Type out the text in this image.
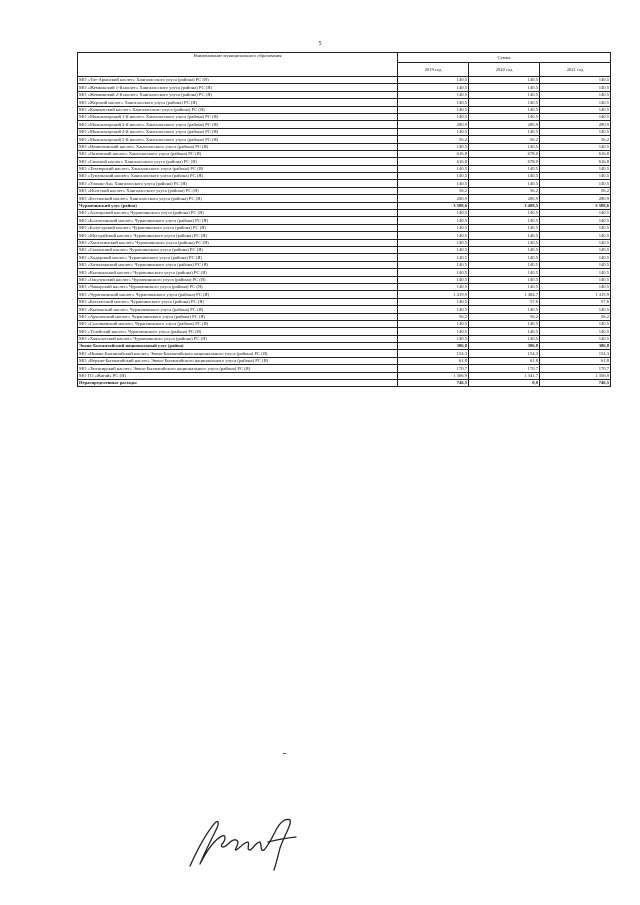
5
Наименование муниципального образования	Сумма		
	2019 год	2020 год	2021 год
МО «Тит-Арынский наслег» Хангаласского улуса (района) РС (Я)	140,5	140,5	140,5
МО «Жемконский 1-й наслег» Хангаласского улуса (района) РС (Я)	140,5	140,5	140,5
МО «Жемконский 2-й наслег» Хангаласского улуса (района) РС (Я)	140,5	140,5	140,5
МО «Жерский наслег» Хангаласского улуса (района) РС (Я)	140,5	140,5	140,5
МО «Качикатский наслег» Хангаласского улуса (района) РС (Я)	140,5	140,5	140,5
МО «Мальжагарский 1-й наслег» Хангаласского улуса (района) РС (Я)	140,5	140,5	140,5
МО «Мальжагарский 2-й наслег» Хангаласского улуса (района) РС (Я)	280,9	280,9	280,9
МО «Мальжагарский 4-й наслег» Хангаласского улуса (района) РС (Я)	140,5	140,5	140,5
МО «Мальжагарский 5-й наслег» Хангаласского улуса (района) РС (Я)	56,2	56,2	56,2
МО «Немюгюнский наслег» Хангаласского улуса (района) РС (Я)	140,5	140,5	140,5
МО «Октемский наслег» Хангаласского улуса (района) РС (Я)	616,8	678,0	616,8
МО «Синский наслег» Хангаласского улуса (района) РС (Я)	616,8	678,0	616,8
МО «Техтюрский наслег» Хангаласского улуса (района) РС (Я)	140,5	140,5	140,5
МО «Тумульский наслег» Хангаласского улуса (района) РС (Я)	140,5	140,5	140,5
МО «Улахан-Ан» Хангаласского улуса (района) РС (Я)	140,5	140,5	140,5
МО «Иситский наслег» Хангаласского улуса (района) РС (Я)	56,2	56,2	56,2
МО «Бестяхский наслег» Хангаласского улуса (района) РС (Я)	280,9	280,9	280,9
Чурапчинский улус (район)	3 588,6	3 488,5	3 588,6
МО «Алагарский наслег» Чурапчинского улуса (района) РС (Я)	140,5	140,5	140,5
МО «Болтогинский наслег» Чурапчинского улуса (района) РС (Я)	140,5	140,5	140,5
МО «Болугурский наслег» Чурапчинского улуса (района) РС (Я)	140,5	140,5	140,5
МО «Мугудайский наслег» Чурапчинского улуса (района) РС (Я)	140,5	140,5	140,5
МО «Хоптогинский наслег» Чурапчинского улуса (района) РС (Я)	140,5	140,5	140,5
МО «Сыланский наслег» Чурапчинского улуса (района) РС (Я)	140,5	140,5	140,5
МО «Хадарский наслег» Чурапчинского улуса (района) РС (Я)	140,5	140,5	140,5
МО «Хатылынский наслег» Чурапчинского улуса (района) РС (Я)	140,5	140,5	140,5
МО «Кытанахский наслег» Чурапчинского улуса (района) РС (Я)	140,5	140,5	140,5
МО «Ожулунский наслег» Чурапчинского улуса (района) РС (Я)	140,5	140,5	140,5
МО «Чакырский наслег» Чурапчинского улуса (района) РС (Я)	140,5	140,5	140,5
МО «Чурапчинский наслег» Чурапчинского улуса (района) РС (Я)	1 419,9	1 484,7	1 419,9
МО «Бахсытский наслег» Чурапчинского улуса (района) РС (Я)	140,5	57,6	57,6
МО «Кытыкский наслег» Чурапчинского улуса (района) РС (Я)	140,5	140,5	140,5
МО «Арылахский наслег» Чурапчинского улуса (района) РС (Я)	56,2	56,2	56,2
МО «Соловьевский наслег» Чурапчинского улуса (района) РС (Я)	140,5	140,5	140,5
МО «Телейский наслег» Чурапчинского улуса (района) РС (Я)	140,5	140,5	140,5
МО «Хаяхсытский наслег» Чурапчинского улуса (района) РС (Я)	140,5	140,5	140,5
Эвено-Бытантайский национальный улус (район)	386,8	386,8	386,8
МО «Нижне-Бытантайский наслег» Эвено-Бытантайского национального улуса (района) РС (Я)	154,3	154,3	154,3
МО «Верхне-Бытантайский наслег» Эвено-Бытантайского национального улуса (района) РС (Я)	61,8	61,8	61,8
МО «Тюгясирский наслег» Эвено-Бытантайского национального улуса (района) РС (Я)	170,7	170,7	170,7
МО ГО «Жатай» РС (Я)	1 306,9	1 341,7	1 356,9
Нераспределенные расходы	746,5	0,0	746,5
